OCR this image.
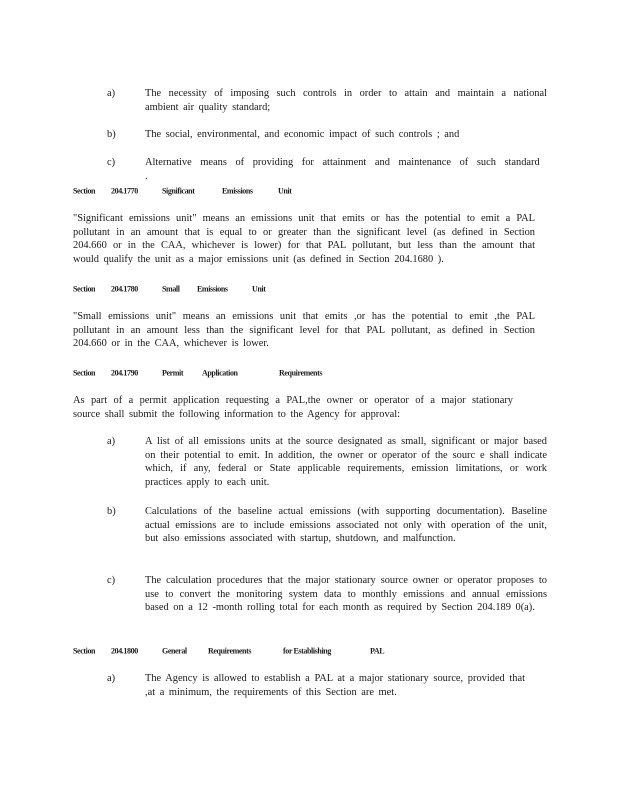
a)	The necessity of imposing such controls in order to attain and maintain a national ambient air quality standard;
b)	The social, environmental, and economic impact of such controls ; and
c)	Alternative means of providing for attainment and maintenance of such standard .
Section 204.1770	Significant	Emissions	Unit
"Significant emissions unit" means an emissions unit that emits or has the potential to emit a PAL pollutant in an amount that is equal to or greater than the significant level (as defined in Section 204.660 or in the CAA, whichever is lower) for that PAL pollutant, but less than the amount that would qualify the unit as a major emissions unit (as defined in Section 204.1680 ).
Section 204.1780	Small Emissions	Unit
"Small emissions unit" means an emissions unit that emits ,or has the potential to emit ,the PAL pollutant in an amount less than the significant level for that PAL pollutant, as defined in Section 204.660 or in the CAA, whichever is lower.
Section 204.1790	Permit Application	Requirements
As part of a permit application requesting a PAL,the owner or operator of a major stationary source shall submit the following information to the Agency for approval:
a)	A list of all emissions units at the source designated as small, significant or major based on their potential to emit. In addition, the owner or operator of the sourc e shall indicate which, if any, federal or State applicable requirements, emission limitations, or work practices apply to each unit.
b)	Calculations of the baseline actual emissions (with supporting documentation). Baseline actual emissions are to include emissions associated not only with operation of the unit, but also emissions associated with startup, shutdown, and malfunction.
c)	The calculation procedures that the major stationary source owner or operator proposes to use to convert the monitoring system data to monthly emissions and annual emissions based on a 12 -month rolling total for each month as required by Section 204.189 0(a).
Section 204.1800	General	Requirements	for Establishing	PAL
a)	The Agency is allowed to establish a PAL at a major stationary source, provided that ,at a minimum, the requirements of this Section are met.
